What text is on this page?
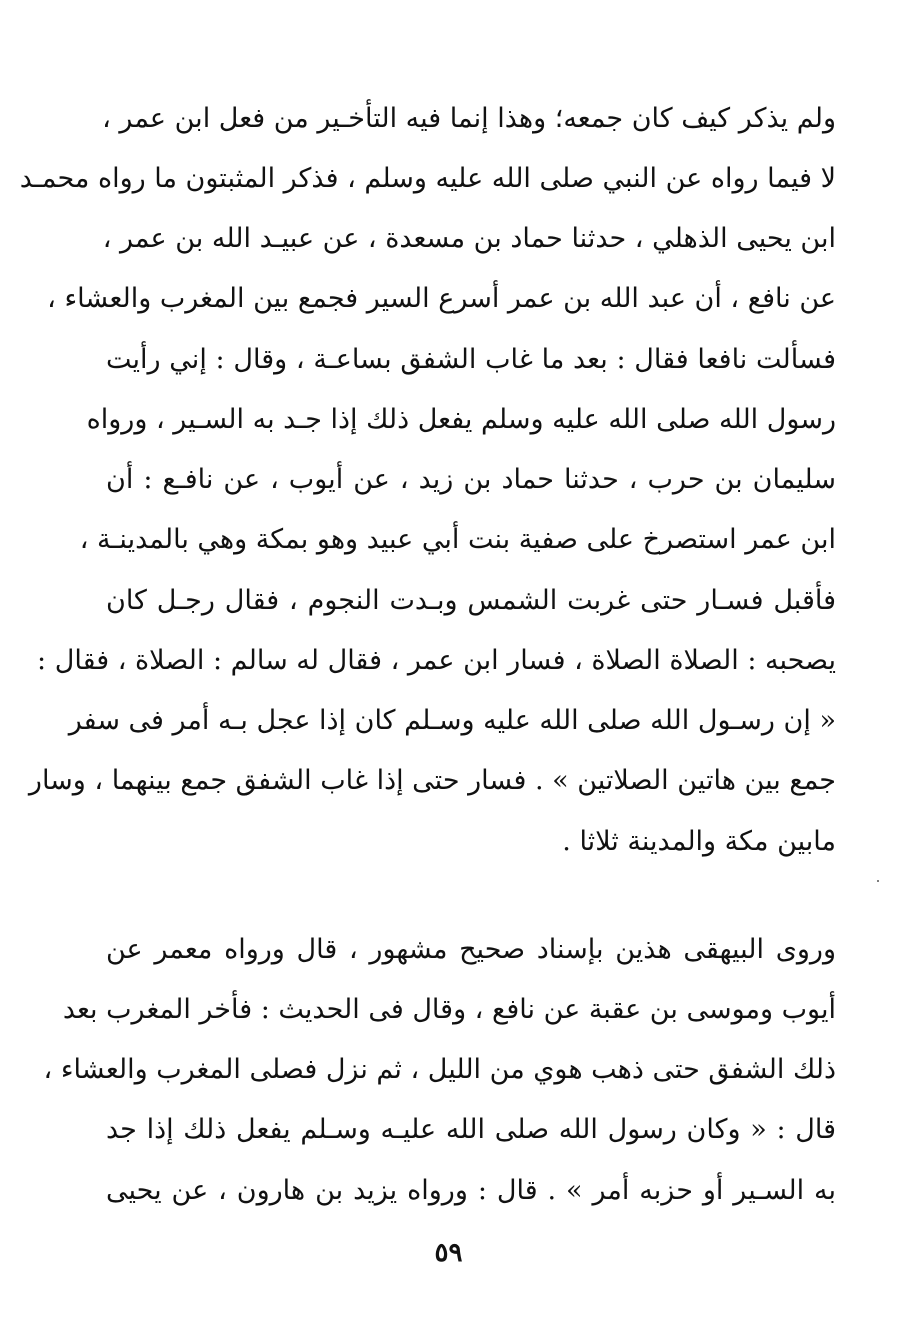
ولم يذكر كيف كان جمعه؛ وهذا إنما فيه التأخـير من فعل ابن عمر ،
لا فيما رواه عن النبي صلى الله عليه وسلم ، فذكر المثبتون ما رواه محمـد
ابن يحيى الذهلي ، حدثنا حماد بن مسعدة ، عن عبيـد الله بن عمر ،
عن نافع ، أن عبد الله بن عمر أسرع السير فجمع بين المغرب والعشاء ،
فسألت نافعا فقال : بعد ما غاب الشفق بساعـة ، وقال : إني رأيت
رسول الله صلى الله عليه وسلم يفعل ذلك إذا جـد به السـير ، ورواه
سليمان بن حرب ، حدثنا حماد بن زيد ، عن أيوب ، عن نافـع : أن
ابن عمر استصرخ على صفية بنت أبي عبيد وهو بمكة وهي بالمدينـة ،
فأقبل فسـار حتى غربت الشمس وبـدت النجوم ، فقال رجـل كان
يصحبه : الصلاة الصلاة ، فسار ابن عمر ، فقال له سالم : الصلاة ، فقال :
« إن رسـول الله صلى الله عليه وسـلم كان إذا عجل بـه أمر فى سفر
جمع بين هاتين الصلاتين » . فسار حتى إذا غاب الشفق جمع بينهما ، وسار
مابين مكة والمدينة ثلاثا .
وروى البيهقى هذين بإسناد صحيح مشهور ، قال ورواه معمر عن
أيوب وموسى بن عقبة عن نافع ، وقال فى الحديث : فأخر المغرب بعد
ذلك الشفق حتى ذهب هوي من الليل ، ثم نزل فصلى المغرب والعشاء ،
قال : « وكان رسول الله صلى الله عليـه وسـلم يفعل ذلك إذا جد
به السـير أو حزبه أمر » . قال : ورواه يزيد بن هارون ، عن يحيى
٥٩
